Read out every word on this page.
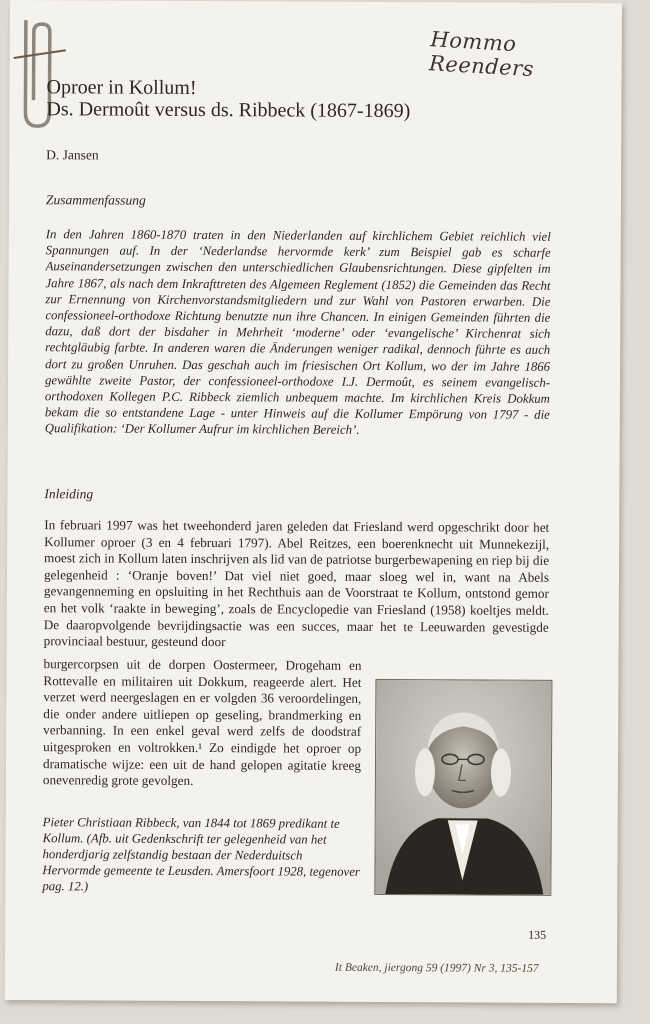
Hommo Reenders
Oproer in Kollum!
Ds. Dermoût versus ds. Ribbeck (1867-1869)
D. Jansen
Zusammenfassung
In den Jahren 1860-1870 traten in den Niederlanden auf kirchlichem Gebiet reichlich viel Spannungen auf. In der ‘Nederlandse hervormde kerk’ zum Beispiel gab es scharfe Auseinandersetzungen zwischen den unterschiedlichen Glaubensrichtungen. Diese gipfelten im Jahre 1867, als nach dem Inkrafttreten des Algemeen Reglement (1852) die Gemeinden das Recht zur Ernennung von Kirchenvorstandsmitgliedern und zur Wahl von Pastoren erwarben. Die confessioneel-orthodoxe Richtung benutzte nun ihre Chancen. In einigen Gemeinden führten die dazu, daß dort der bisdaher in Mehrheit ‘moderne’ oder ‘evangelische’ Kirchenrat sich rechtgläubig farbte. In anderen waren die Änderungen weniger radikal, dennoch führte es auch dort zu großen Unruhen. Das geschah auch im friesischen Ort Kollum, wo der im Jahre 1866 gewählte zweite Pastor, der confessioneel-orthodoxe I.J. Dermoût, es seinem evangelisch-orthodoxen Kollegen P.C. Ribbeck ziemlich unbequem machte. Im kirchlichen Kreis Dokkum bekam die so entstandene Lage - unter Hinweis auf die Kollumer Empörung von 1797 - die Qualifikation: ‘Der Kollumer Aufrur im kirchlichen Bereich’.
Inleiding
In februari 1997 was het tweehonderd jaren geleden dat Friesland werd opgeschrikt door het Kollumer oproer (3 en 4 februari 1797). Abel Reitzes, een boerenknecht uit Munnekezijl, moest zich in Kollum laten inschrijven als lid van de patriotse burgerbewapening en riep bij die gelegenheid : ‘Oranje boven!’ Dat viel niet goed, maar sloeg wel in, want na Abels gevangenneming en opsluiting in het Rechthuis aan de Voorstraat te Kollum, ontstond gemor en het volk ‘raakte in beweging’, zoals de Encyclopedie van Friesland (1958) koeltjes meldt. De daaropvolgende bevrijdingsactie was een succes, maar het te Leeuwarden gevestigde provinciaal bestuur, gesteund door
burgercorpsen uit de dorpen Oostermeer, Drogeham en Rottevalle en militairen uit Dokkum, reageerde alert. Het verzet werd neergeslagen en er volgden 36 veroordelingen, die onder andere uitliepen op geseling, brandmerking en verbanning. In een enkel geval werd zelfs de doodstraf uitgesproken en voltrokken.¹ Zo eindigde het oproer op dramatische wijze: een uit de hand gelopen agitatie kreeg onevenredig grote gevolgen.
Pieter Christiaan Ribbeck, van 1844 tot 1869 predikant te Kollum. (Afb. uit Gedenkschrift ter gelegenheid van het honderdjarig zelfstandig bestaan der Nederduitsch Hervormde gemeente te Leusden. Amersfoort 1928, tegenover pag. 12.)
135
It Beaken, jiergong 59 (1997) Nr 3, 135-157
